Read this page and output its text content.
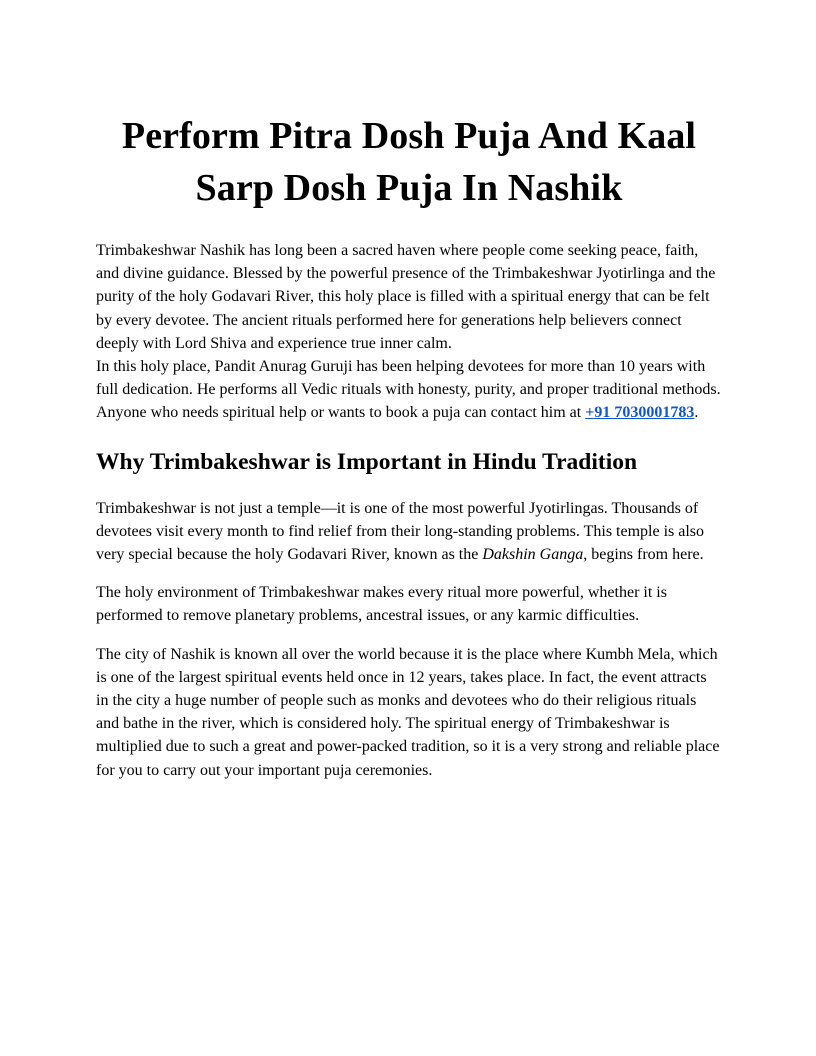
Perform Pitra Dosh Puja And Kaal Sarp Dosh Puja In Nashik

Trimbakeshwar Nashik has long been a sacred haven where people come seeking peace, faith, and divine guidance. Blessed by the powerful presence of the Trimbakeshwar Jyotirlinga and the purity of the holy Godavari River, this holy place is filled with a spiritual energy that can be felt by every devotee. The ancient rituals performed here for generations help believers connect deeply with Lord Shiva and experience true inner calm.
In this holy place, Pandit Anurag Guruji has been helping devotees for more than 10 years with full dedication. He performs all Vedic rituals with honesty, purity, and proper traditional methods. Anyone who needs spiritual help or wants to book a puja can contact him at +91 7030001783.

Why Trimbakeshwar is Important in Hindu Tradition

Trimbakeshwar is not just a temple—it is one of the most powerful Jyotirlingas. Thousands of devotees visit every month to find relief from their long-standing problems. This temple is also very special because the holy Godavari River, known as the Dakshin Ganga, begins from here.

The holy environment of Trimbakeshwar makes every ritual more powerful, whether it is performed to remove planetary problems, ancestral issues, or any karmic difficulties.

The city of Nashik is known all over the world because it is the place where Kumbh Mela, which is one of the largest spiritual events held once in 12 years, takes place. In fact, the event attracts in the city a huge number of people such as monks and devotees who do their religious rituals and bathe in the river, which is considered holy. The spiritual energy of Trimbakeshwar is multiplied due to such a great and power-packed tradition, so it is a very strong and reliable place for you to carry out your important puja ceremonies.
